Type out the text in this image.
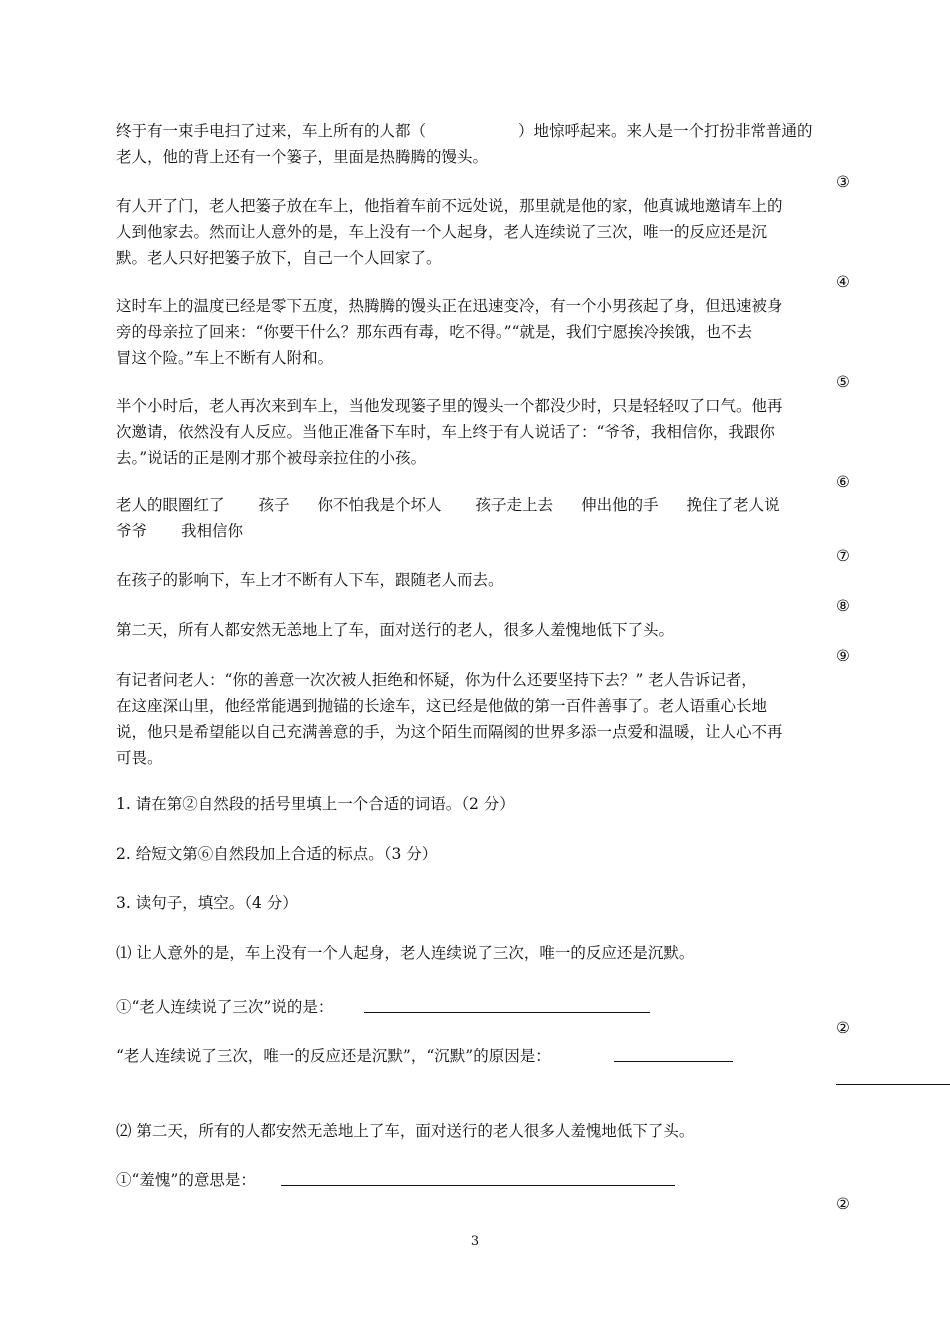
终于有一束手电扫了过来，车上所有的人都（	）地惊呼起来。来人是一个打扮非常普通的
老人，他的背上还有一个篓子，里面是热腾腾的馒头。
③
有人开了门，老人把篓子放在车上，他指着车前不远处说，那里就是他的家，他真诚地邀请车上的
人到他家去。然而让人意外的是，车上没有一个人起身，老人连续说了三次，唯一的反应还是沉
默。老人只好把篓子放下，自己一个人回家了。
④
这时车上的温度已经是零下五度，热腾腾的馒头正在迅速变冷，有一个小男孩起了身，但迅速被身
旁的母亲拉了回来：“你要干什么？那东西有毒，吃不得。”“就是，我们宁愿挨冷挨饿，也不去
冒这个险。”车上不断有人附和。
⑤
半个小时后，老人再次来到车上，当他发现篓子里的馒头一个都没少时，只是轻轻叹了口气。他再
次邀请，依然没有人反应。当他正准备下车时，车上终于有人说话了：“爷爷，我相信你，我跟你
去。”说话的正是刚才那个被母亲拉住的小孩。
⑥
老人的眼圈红了 孩子 你不怕我是个坏人 孩子走上去 伸出他的手 挽住了老人说
爷爷 我相信你
⑦
在孩子的影响下，车上才不断有人下车，跟随老人而去。
⑧
第二天，所有人都安然无恙地上了车，面对送行的老人，很多人羞愧地低下了头。
⑨
有记者问老人：“你的善意一次次被人拒绝和怀疑，你为什么还要坚持下去？” 老人告诉记者，
在这座深山里，他经常能遇到抛锚的长途车，这已经是他做的第一百件善事了。老人语重心长地
说，他只是希望能以自己充满善意的手，为这个陌生而隔阂的世界多添一点爱和温暖，让人心不再
可畏。
1. 请在第②自然段的括号里填上一个合适的词语。（2 分）
2. 给短文第⑥自然段加上合适的标点。（3 分）
3. 读句子，填空。（4 分）
⑴ 让人意外的是，车上没有一个人起身，老人连续说了三次，唯一的反应还是沉默。
①“老人连续说了三次”说的是：
②
“老人连续说了三次，唯一的反应还是沉默”，“沉默”的原因是：
⑵ 第二天，所有的人都安然无恙地上了车，面对送行的老人很多人羞愧地低下了头。
①“羞愧”的意思是：
②
3
